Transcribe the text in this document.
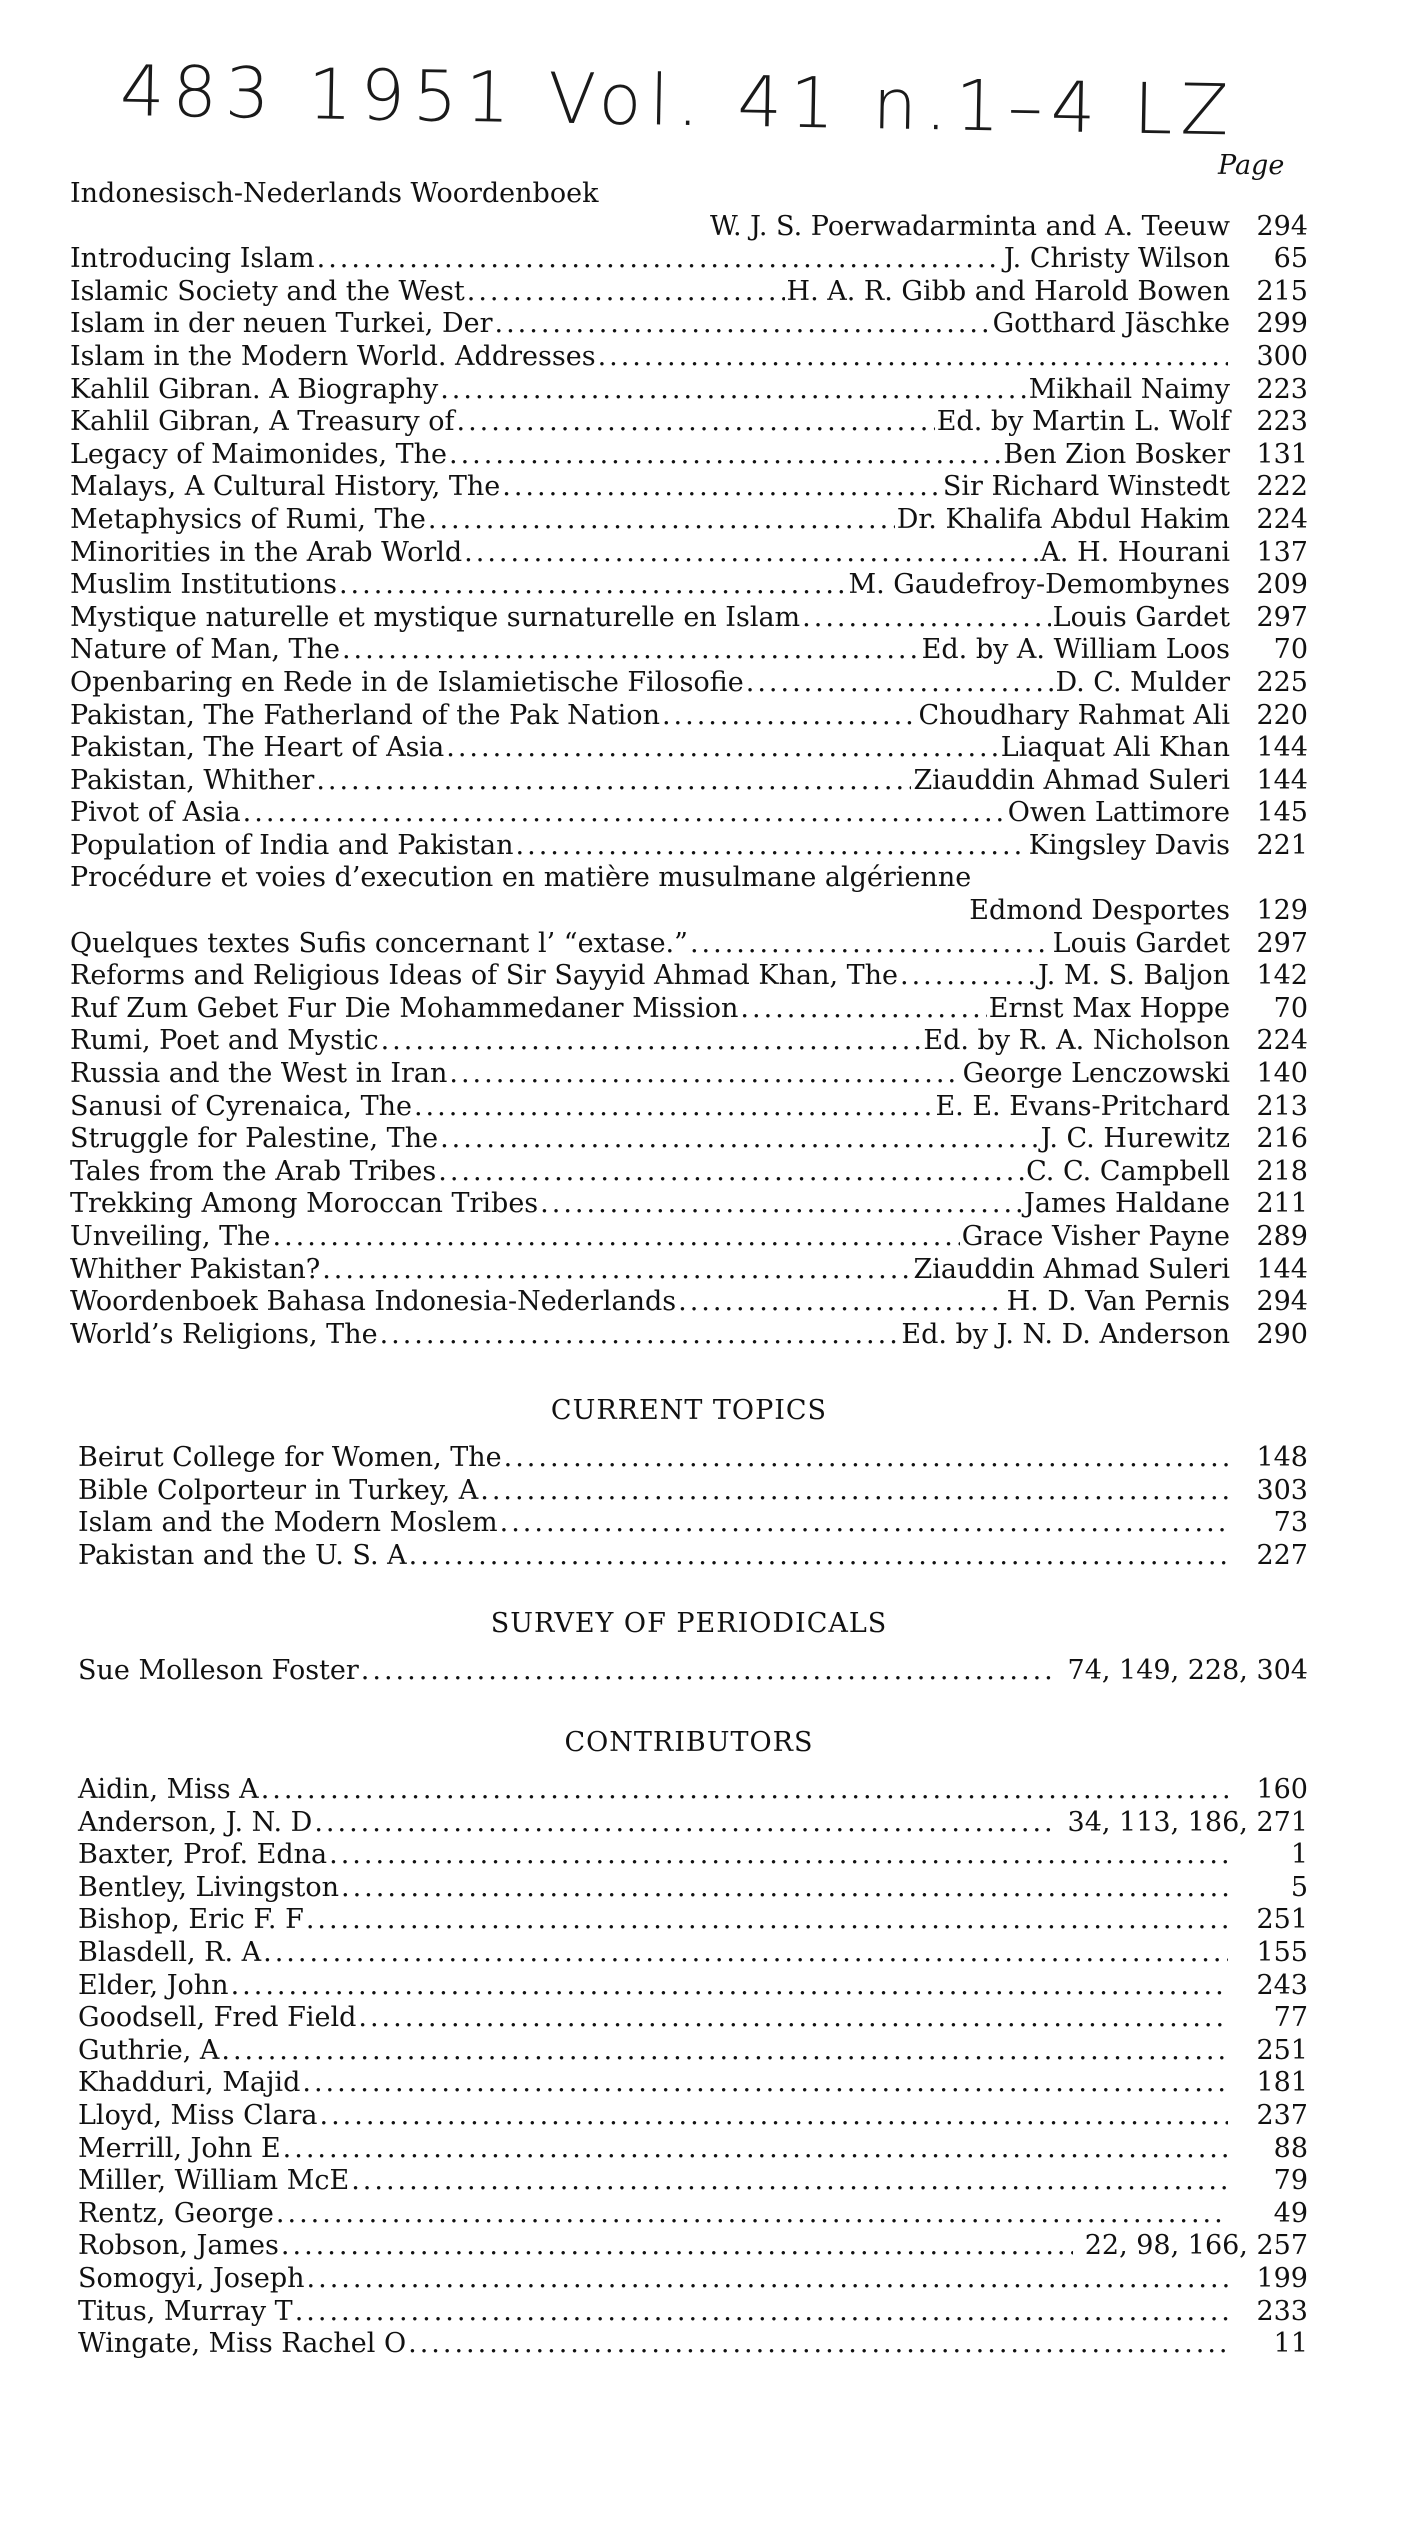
483 1951 Vol. 41 n.1–4 LZ
Page
Indonesisch-Nederlands Woordenboek
W. J. S. Poerwadarminta and A. Teeuw 294
Introducing Islam .....	J. Christy Wilson	65
Islamic Society and the West .....	H. A. R. Gibb and Harold Bowen 215
Islam in der neuen Turkei, Der .....	Gotthard Jäschke 299
Islam in the Modern World. Addresses .....	300
Kahlil Gibran. A Biography .....	Mikhail Naimy 223
Kahlil Gibran, A Treasury of .....	Ed. by Martin L. Wolf 223
Legacy of Maimonides, The .....	Ben Zion Bosker 131
Malays, A Cultural History, The .....	Sir Richard Winstedt 222
Metaphysics of Rumi, The .....	Dr. Khalifa Abdul Hakim 224
Minorities in the Arab World .....	A. H. Hourani 137
Muslim Institutions .....	M. Gaudefroy-Demombynes 209
Mystique naturelle et mystique surnaturelle en Islam .....	Louis Gardet 297
Nature of Man, The .....	Ed. by A. William Loos	70
Openbaring en Rede in de Islamietische Filosofie .....	D. C. Mulder 225
Pakistan, The Fatherland of the Pak Nation .....	Choudhary Rahmat Ali 220
Pakistan, The Heart of Asia .....	Liaquat Ali Khan 144
Pakistan, Whither .....	Ziauddin Ahmad Suleri 144
Pivot of Asia .....	Owen Lattimore 145
Population of India and Pakistan .....	Kingsley Davis 221
Procédure et voies d’execution en matière musulmane algérienne
Edmond Desportes 129
Quelques textes Sufis concernant l’ “extase.” .....	Louis Gardet 297
Reforms and Religious Ideas of Sir Sayyid Ahmad Khan, The .....	J. M. S. Baljon 142
Ruf Zum Gebet Fur Die Mohammedaner Mission .....	Ernst Max Hoppe	70
Rumi, Poet and Mystic .....	Ed. by R. A. Nicholson 224
Russia and the West in Iran .....	George Lenczowski 140
Sanusi of Cyrenaica, The .....	E. E. Evans-Pritchard 213
Struggle for Palestine, The .....	J. C. Hurewitz 216
Tales from the Arab Tribes .....	C. C. Campbell 218
Trekking Among Moroccan Tribes .....	James Haldane 211
Unveiling, The .....	Grace Visher Payne 289
Whither Pakistan? .....	Ziauddin Ahmad Suleri 144
Woordenboek Bahasa Indonesia-Nederlands .....	H. D. Van Pernis 294
World’s Religions, The .....	Ed. by J. N. D. Anderson 290
CURRENT TOPICS
Beirut College for Women, The .....	148
Bible Colporteur in Turkey, A .....	303
Islam and the Modern Moslem .....	73
Pakistan and the U. S. A .....	227
SURVEY OF PERIODICALS
Sue Molleson Foster .....	74, 149, 228, 304
CONTRIBUTORS
Aidin, Miss A .....	160
Anderson, J. N. D .....	34, 113, 186, 271
Baxter, Prof. Edna .....	1
Bentley, Livingston .....	5
Bishop, Eric F. F .....	251
Blasdell, R. A .....	155
Elder, John .....	243
Goodsell, Fred Field .....	77
Guthrie, A .....	251
Khadduri, Majid .....	181
Lloyd, Miss Clara .....	237
Merrill, John E .....	88
Miller, William McE .....	79
Rentz, George .....	49
Robson, James .....	22, 98, 166, 257
Somogyi, Joseph .....	199
Titus, Murray T .....	233
Wingate, Miss Rachel O .....	11
